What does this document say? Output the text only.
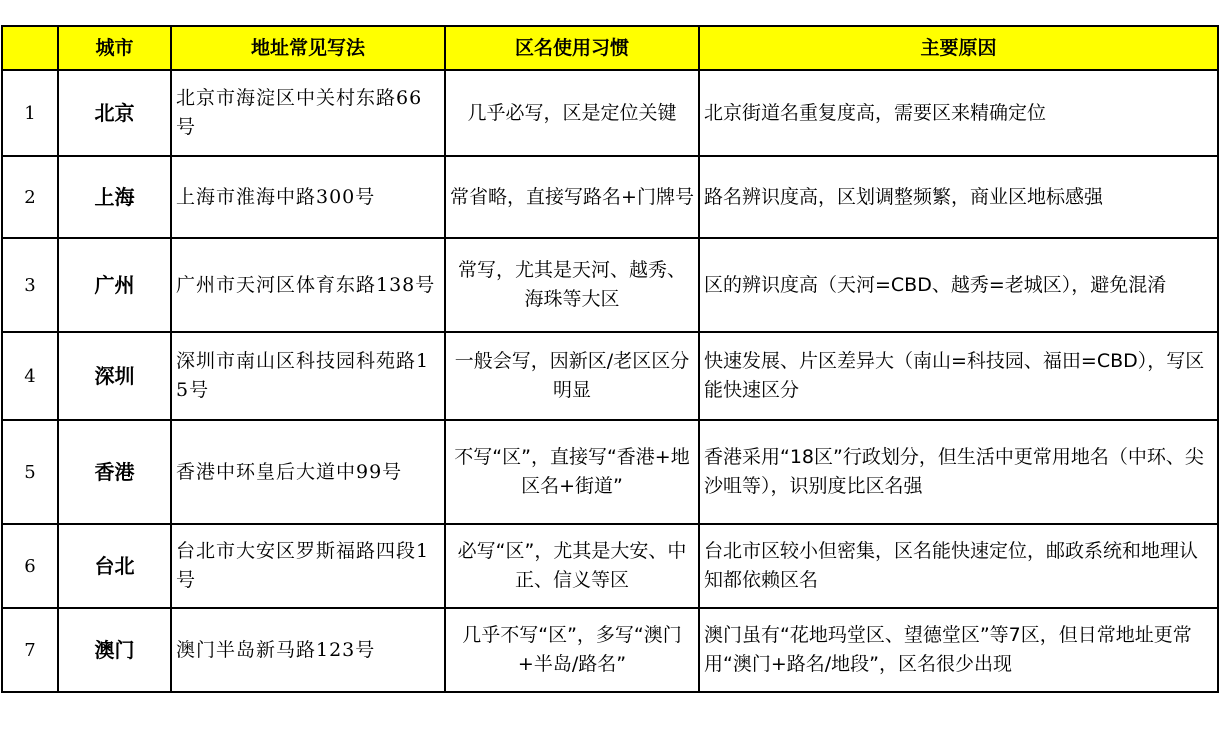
	城市	地址常见写法	区名使用习惯	主要原因
1	北京	北京市海淀区中关村东路66号	几乎必写，区是定位关键	北京街道名重复度高，需要区来精确定位
2	上海	上海市淮海中路300号	常省略，直接写路名+门牌号	路名辨识度高，区划调整频繁，商业区地标感强
3	广州	广州市天河区体育东路138号	常写，尤其是天河、越秀、海珠等大区	区的辨识度高（天河=CBD、越秀=老城区），避免混淆
4	深圳	深圳市南山区科技园科苑路15号	一般会写，因新区/老区区分明显	快速发展、片区差异大（南山=科技园、福田=CBD），写区能快速区分
5	香港	香港中环皇后大道中99号	不写“区”，直接写“香港+地区名+街道”	香港采用“18区”行政划分，但生活中更常用地名（中环、尖沙咀等），识别度比区名强
6	台北	台北市大安区罗斯福路四段1号	必写“区”，尤其是大安、中正、信义等区	台北市区较小但密集，区名能快速定位，邮政系统和地理认知都依赖区名
7	澳门	澳门半岛新马路123号	几乎不写“区”，多写“澳门+半岛/路名”	澳门虽有“花地玛堂区、望德堂区”等7区，但日常地址更常用“澳门+路名/地段”，区名很少出现
